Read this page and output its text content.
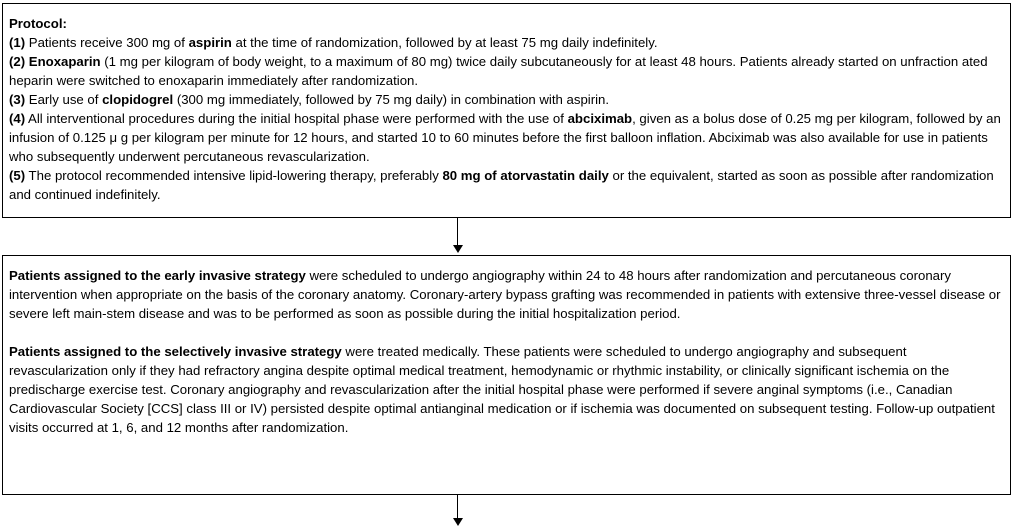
Protocol:

(1) Patients receive 300 mg of aspirin at the time of randomization, followed by at least 75 mg daily indefinitely.

(2) Enoxaparin (1 mg per kilogram of body weight, to a maximum of 80 mg) twice daily subcutaneously for at least 48 hours. Patients already started on unfraction ated heparin were switched to enoxaparin immediately after randomization.

(3) Early use of clopidogrel (300 mg immediately, followed by 75 mg daily) in combination with aspirin.

(4) All interventional procedures during the initial hospital phase were performed with the use of abciximab, given as a bolus dose of 0.25 mg per kilogram, followed by an infusion of 0.125 μ g per kilogram per minute for 12 hours, and started 10 to 60 minutes before the first balloon inflation. Abciximab was also available for use in patients who subsequently underwent percutaneous revascularization.

(5) The protocol recommended intensive lipid-lowering therapy, preferably 80 mg of atorvastatin daily or the equivalent, started as soon as possible after randomization and continued indefinitely.

Patients assigned to the early invasive strategy were scheduled to undergo angiography within 24 to 48 hours after randomization and percutaneous coronary intervention when appropriate on the basis of the coronary anatomy. Coronary-artery bypass grafting was recommended in patients with extensive three-vessel disease or severe left main-stem disease and was to be performed as soon as possible during the initial hospitalization period.

Patients assigned to the selectively invasive strategy were treated medically. These patients were scheduled to undergo angiography and subsequent revascularization only if they had refractory angina despite optimal medical treatment, hemodynamic or rhythmic instability, or clinically significant ischemia on the predischarge exercise test. Coronary angiography and revascularization after the initial hospital phase were performed if severe anginal symptoms (i.e., Canadian Cardiovascular Society [CCS] class III or IV) persisted despite optimal antianginal medication or if ischemia was documented on subsequent testing. Follow-up outpatient visits occurred at 1, 6, and 12 months after randomization.
